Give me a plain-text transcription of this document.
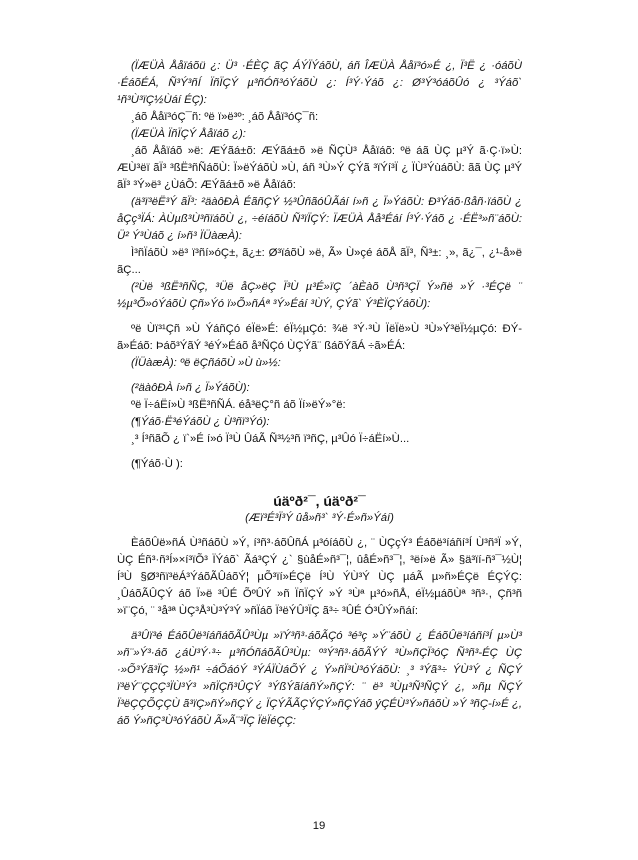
(ÏÆÜÀ Ååïáõü ¿: Ü³ ·ÉÈÇ ãÇ ÁÝÏÝáõÙ, áñ ÎÆÜÀ Ååï³ó»É ¿, Ï³Ë ¿ ·óáõÙ ·ÉáõÉÁ, Ñ³Ý³ñÍ ÏñÏÇÝ µ³ñÓñ³óÝáõÙ ¿: Í³Ý·Ýáõ ¿: Ø³Ý³óáõÛó ¿ ³Ýáõ` ¹ñ³Ù³ïÇ½Ùáí ÉÇ):

¸áõ Ååï³óÇ¯ñ: ºë ï»ë³º: ¸áõ Ååï³óÇ¯ñ:

(ÏÆÜÀ ÏñÏÇÝ Ååïáõ ¿):

¸áõ Ååïáõ »ë: ÆÝãá±õ: ÆÝãá±õ »ë ÑÇÙ³ Ååïáõ: ºë áã ÙÇ µ³Ý ã·Ç·ï»Ù: ÆÙ³ëï ãÏ³ ³ßË³ñÑáõÙ: Ï»ëÝáõÙ »Ù, áñ ³Ù»Ý ÇÝã ³ïÝí³Ï ¿ ÏÙ³ÝùáõÙ: ãã ÙÇ µ³Ý ãÏ³ ³Ý»ë³ ¿ÙáÕ: ÆÝãá±õ »ë Ååïáõ:

(ä³ï³ëË³Ý ãÏ³: ²äàôÐÀ ÉãñÇÝ ½³ÛñãóÛÃáí í»ñ ¿ Ï»ÝáõÙ: Ð³Ýáõ·ßåñ·ïáõÙ ¿ åÇç³ÏÁ: ÀÙµß³Ù³ñïáõÙ ¿, ÷éíáõÙ Ñ³ïÏÇÝ: ÏÆÜÀ Åå³Éáí Í³Ý·Ýáõ ¿ ·ÉË³»ñ¨áõÙ: Ü² Ý³Ùáõ ¿ í»ñ³ ÏÜàæÀ):

Ì³ñÏáõÙ »ë³ ï³ñí»óÇ±, ã¿±: Ø³ïáõÙ »ë, Ã» Ù»çé áõÅ ãÏ³, Ñ³±: ¸», ã¿¯, ¿¹-å»ë ãÇ...

(²Ùë ³ßË³ñÑÇ, ³Üë åÇ»ëÇ Ï³Ù µ³É»ïÇ ´àÈàõ Ù³ñ³ÇÏ Ý»ñë »Ý ·³ÉÇë ¨ ½µ³Õ»óÝáõÙ Çñ»Ýó ï»Õ»ñÁª ³Ý»Éáí ³ÙÝ, ÇÝã` Ý³ÈÏÇÝáõÙ):

ºë Ùï³¹Çñ »Ù ÝáñÇó éÏë»É: éÏ½µÇó: ¾ë ³Ý·³Ù ÏëÏë»Ù ³Ù»Ý³ëÏ½µÇó: ÐÝ-ã»Éáõ: Þáõ³ÝãÝ ³éÝ»Éáõ å³ÑÇó ÙÇÝã¨ ßáõÝãÁ ÷ã»ÉÁ:

(ÏÜàæÀ): ºë ëÇñáõÙ »Ù ù»½:

(²äàôÐÀ í»ñ ¿ Ï»ÝáõÙ):

ºë Ï÷áËí»Ù ³ßË³ñÑÁ. éå³ëÇ°ñ áõ Ïí»ëÝ»°ë:

(¶Ýáõ·Ë³éÝáõÙ ¿ Ù³ñï³Ýó):

¸³ Í³ñãÕ ¿ ï`»É í»ó Ï³Ù ÛáÃ Ñ³½³ñ ï³ñÇ, µ³Ûó Ï÷áËí»Ù...

(¶Ýáõ·Ù ):

úäºð²¯, úäºð²¯

(Æï³É³Ï³Ý ûå»ñ³` ³Ý·É»ñ»Ýáí)

ÈáõÛë»ñÁ Ù³ñáõÙ »Ý, í³ñ³·áõÛñÁ µ³óíáõÙ ¿, ¨ ÙÇçÝ³ Éáõë³íáñí³Í Ù³ñ³Ï »Ý, ÙÇ Éñ³·ñ³Í»×í³ïÕ³ ÏÝáõ` Ãá³ÇÝ ¿` §ùåÉ»ñ³¯¦, ûåÉ»ñ³¯¦, ³ëí»ë Ã» §ä³ïí-ñ³¯½Ù¦ Í³Ù §Ø³ñï³ëÁ³ÝáõÃÛáõÝ¦ µÕ³ïí»ÉÇë Í³Ù ÝÙ³Ý ÙÇ µáÃ µ»ñ»ÉÇë ÉÇÝÇ: ¸ÛáõÃÛÇÝ áõ Ï»ë ³ÛÉ ÕºÛÝ »ñ ÏñÏÇÝ »Ý ³Ùª µ³ó»ñÅ, éÏ½µáõÙª ³ñ³·, Çñ³ñ »ï¨Çó, ¨ ³å³ª ÙÇ³Å³Ù³Ý³Ý »ñÏáõ Ï³ëÝÛ³ÏÇ ã³÷ ³ÛÉ Ó³ÛÝ»ñáí:

ä³Ûï³é ÉáõÛë³íáñáõÃÛ³Ùµ »ïÝ³ñ³·áõÃÇó ³é³ç »Ý¨áõÙ ¿ ÉáõÛë³íáñí³Í µ»Ù³ »ñ¨»Ý³·áõ ¿áÙ³Ý·³÷ µ³ñÓñáõÃÛ³Ùµ: º³Ý³ñ³·áõÃÝÝ ³Ù»ñÇÏ³óÇ Ñ³ñ³-ÉÇ ÙÇ ·»Õ³Ýã³ÏÇ ½»ñ¹ ÷áÕáóÝ ³ÝÁÏÙáÕÝ ¿ Ý»ñÏ³Ù³óÝáõÙ: ¸³ ³Ýã³÷ ÝÙ³Ý ¿ ÑÇÝ ï³ëÝ¨ÇÇÇ³ÏÙ³Ý³ »ñÏÇñ³ÛÇÝ ³ÝßÝãíáñÝ»ñÇÝ: ¨ ë³ ³Ùµ³Ñ³ÑÇÝ ¿, »ñµ ÑÇÝ Ï³ëÇÇÕÇÇÙ ã³ïÇ»ñÝ»ñÇÝ ¿ ÏÇÝÃÃÇÝÇÝ»ñÇÝáõ ýÇÉÙ³Ý»ñáõÙ »Ý ³ñÇ-í»É ¿, áõ Ý»ñÇ³Ù³óÝáõÙ Ã»Ã¨³ÏÇ ÏëÏéÇÇ:

19
